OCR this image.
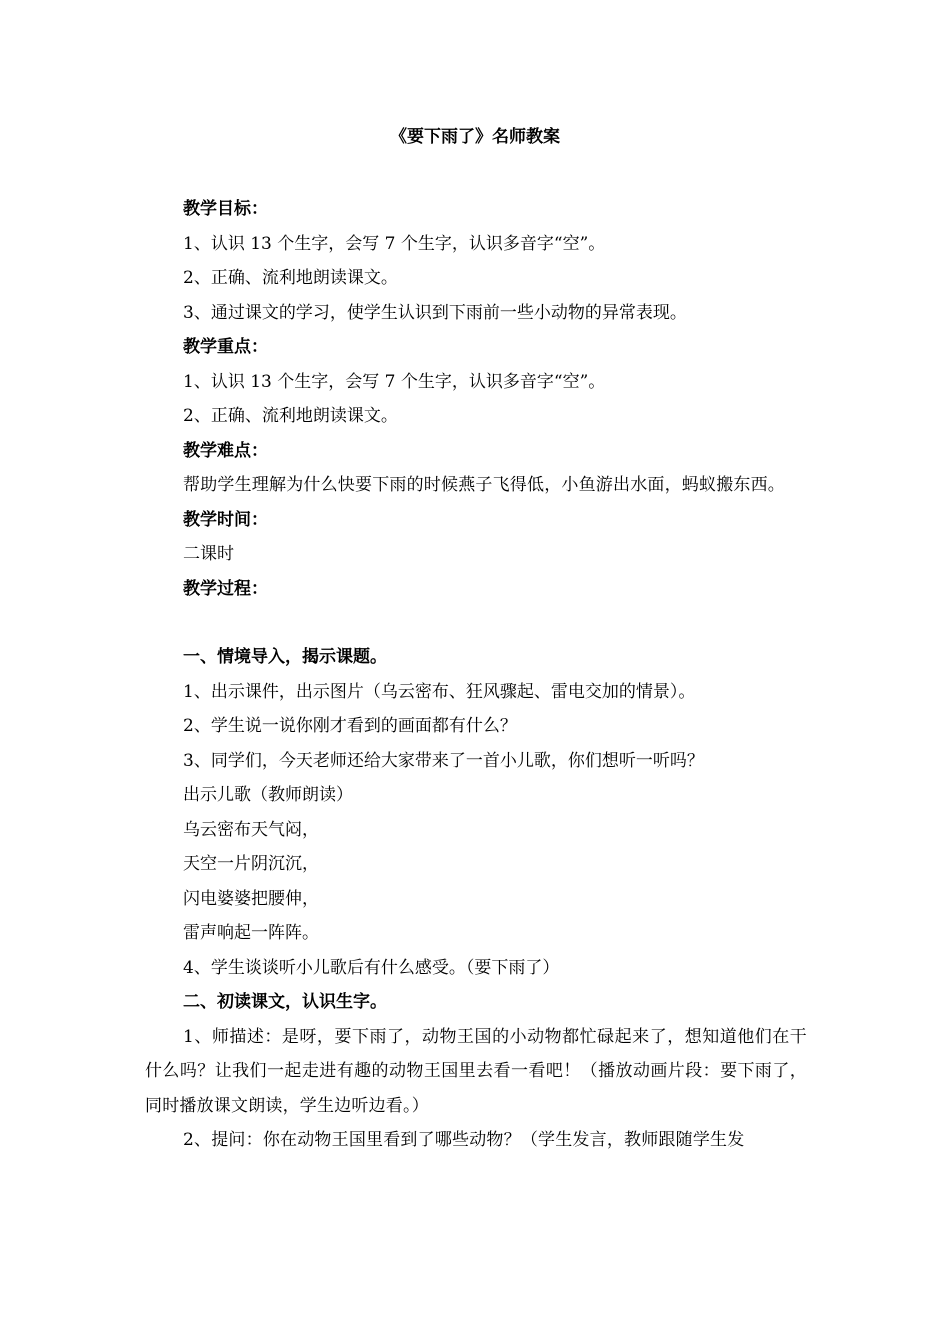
《要下雨了》名师教案
教学目标：
1、认识 13 个生字，会写 7 个生字，认识多音字“空”。
2、正确、流利地朗读课文。
3、通过课文的学习，使学生认识到下雨前一些小动物的异常表现。
教学重点：
1、认识 13 个生字，会写 7 个生字，认识多音字“空”。
2、正确、流利地朗读课文。
教学难点：
帮助学生理解为什么快要下雨的时候燕子飞得低，小鱼游出水面，蚂蚁搬东西。
教学时间：
二课时
教学过程：
一、情境导入，揭示课题。
1、出示课件，出示图片（乌云密布、狂风骤起、雷电交加的情景）。
2、学生说一说你刚才看到的画面都有什么？
3、同学们，今天老师还给大家带来了一首小儿歌，你们想听一听吗？
出示儿歌（教师朗读）
乌云密布天气闷，
天空一片阴沉沉，
闪电婆婆把腰伸，
雷声响起一阵阵。
4、学生谈谈听小儿歌后有什么感受。（要下雨了）
二、初读课文，认识生字。
1、师描述：是呀，要下雨了，动物王国的小动物都忙碌起来了，想知道他们在干什么吗？让我们一起走进有趣的动物王国里去看一看吧！（播放动画片段：要下雨了，同时播放课文朗读，学生边听边看。）
2、提问：你在动物王国里看到了哪些动物？（学生发言，教师跟随学生发
